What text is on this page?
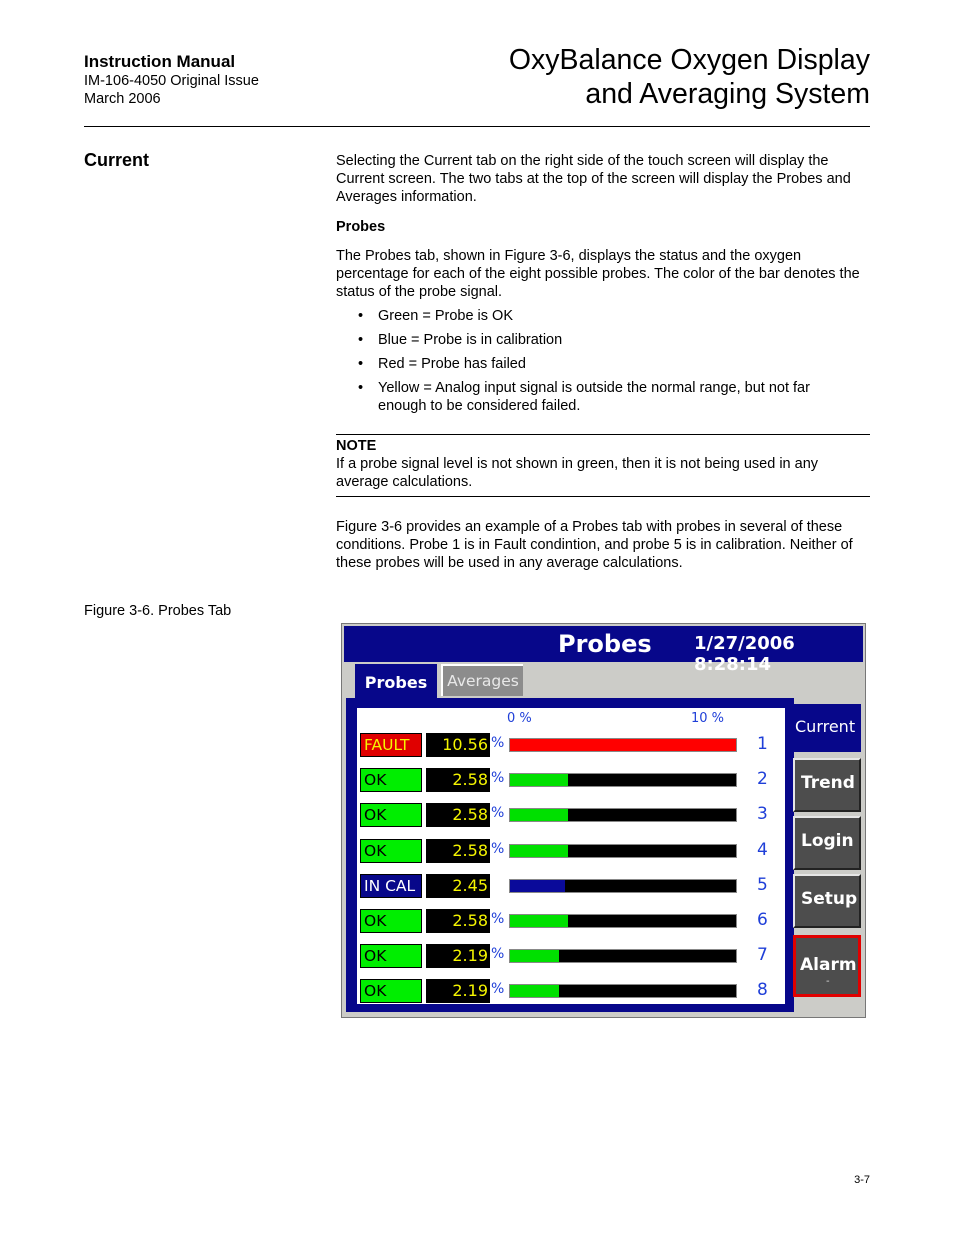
Instruction Manual
IM-106-4050 Original Issue
March 2006
OxyBalance Oxygen Display
and Averaging System
Current	Selecting the Current tab on the right side of the touch screen will display the Current screen. The two tabs at the top of the screen will display the Probes and Averages information.
Probes
The Probes tab, shown in Figure 3-6, displays the status and the oxygen percentage for each of the eight possible probes. The color of the bar denotes the status of the probe signal.
• Green = Probe is OK
• Blue = Probe is in calibration
• Red = Probe has failed
• Yellow = Analog input signal is outside the normal range, but not far enough to be considered failed.
NOTE
If a probe signal level is not shown in green, then it is not being used in any average calculations.
Figure 3-6 provides an example of a Probes tab with probes in several of these conditions. Probe 1 is in Fault condintion, and probe 5 is in calibration. Neither of these probes will be used in any average calculations.
Figure 3-6. Probes Tab
Probes 1/27/2006 8:28:14
Probes	Averages
0 %	10 %
FAULT	10.56 %	1
OK	2.58 %	2
OK	2.58 %	3
OK	2.58 %	4
IN CAL	2.45	5
OK	2.58 %	6
OK	2.19 %	7
OK	2.19 %	8
Current
Trend
Login
Setup
Alarm
-
3-7
